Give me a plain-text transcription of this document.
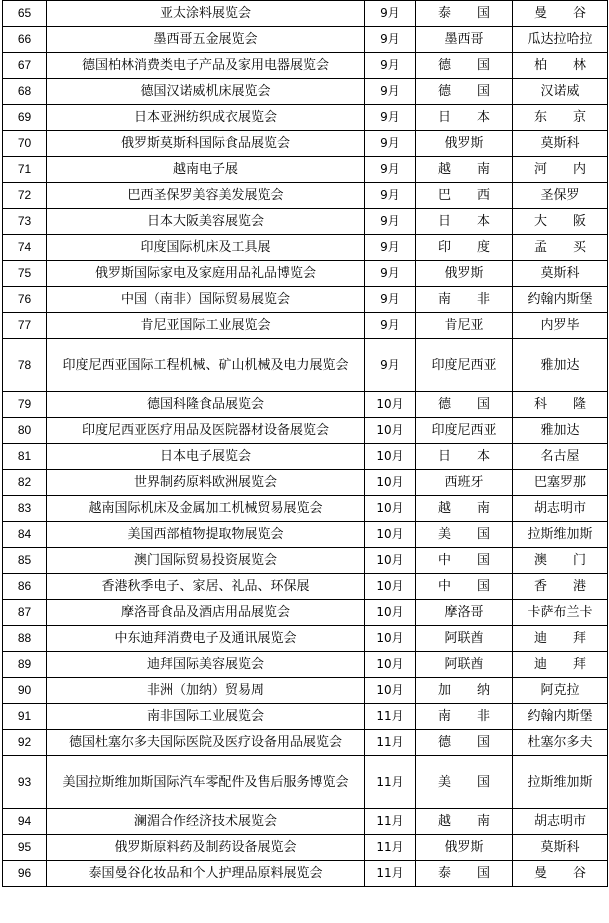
65	亚太涂料展览会	9月	泰　　国	曼　　谷
66	墨西哥五金展览会	9月	墨西哥	瓜达拉哈拉
67	德国柏林消费类电子产品及家用电器展览会	9月	德　　国	柏　　林
68	德国汉诺威机床展览会	9月	德　　国	汉诺威
69	日本亚洲纺织成衣展览会	9月	日　　本	东　　京
70	俄罗斯莫斯科国际食品展览会	9月	俄罗斯	莫斯科
71	越南电子展	9月	越　　南	河　　内
72	巴西圣保罗美容美发展览会	9月	巴　　西	圣保罗
73	日本大阪美容展览会	9月	日　　本	大　　阪
74	印度国际机床及工具展	9月	印　　度	孟　　买
75	俄罗斯国际家电及家庭用品礼品博览会	9月	俄罗斯	莫斯科
76	中国（南非）国际贸易展览会	9月	南　　非	约翰内斯堡
77	肯尼亚国际工业展览会	9月	肯尼亚	内罗毕
78	印度尼西亚国际工程机械、矿山机械及电力展览会	9月	印度尼西亚	雅加达
79	德国科隆食品展览会	10月	德　　国	科　　隆
80	印度尼西亚医疗用品及医院器材设备展览会	10月	印度尼西亚	雅加达
81	日本电子展览会	10月	日　　本	名古屋
82	世界制药原料欧洲展览会	10月	西班牙	巴塞罗那
83	越南国际机床及金属加工机械贸易展览会	10月	越　　南	胡志明市
84	美国西部植物提取物展览会	10月	美　　国	拉斯维加斯
85	澳门国际贸易投资展览会	10月	中　　国	澳　　门
86	香港秋季电子、家居、礼品、环保展	10月	中　　国	香　　港
87	摩洛哥食品及酒店用品展览会	10月	摩洛哥	卡萨布兰卡
88	中东迪拜消费电子及通讯展览会	10月	阿联酋	迪　　拜
89	迪拜国际美容展览会	10月	阿联酋	迪　　拜
90	非洲（加纳）贸易周	10月	加　　纳	阿克拉
91	南非国际工业展览会	11月	南　　非	约翰内斯堡
92	德国杜塞尔多夫国际医院及医疗设备用品展览会	11月	德　　国	杜塞尔多夫
93	美国拉斯维加斯国际汽车零配件及售后服务博览会	11月	美　　国	拉斯维加斯
94	澜湄合作经济技术展览会	11月	越　　南	胡志明市
95	俄罗斯原料药及制药设备展览会	11月	俄罗斯	莫斯科
96	泰国曼谷化妆品和个人护理品原料展览会	11月	泰　　国	曼　　谷
